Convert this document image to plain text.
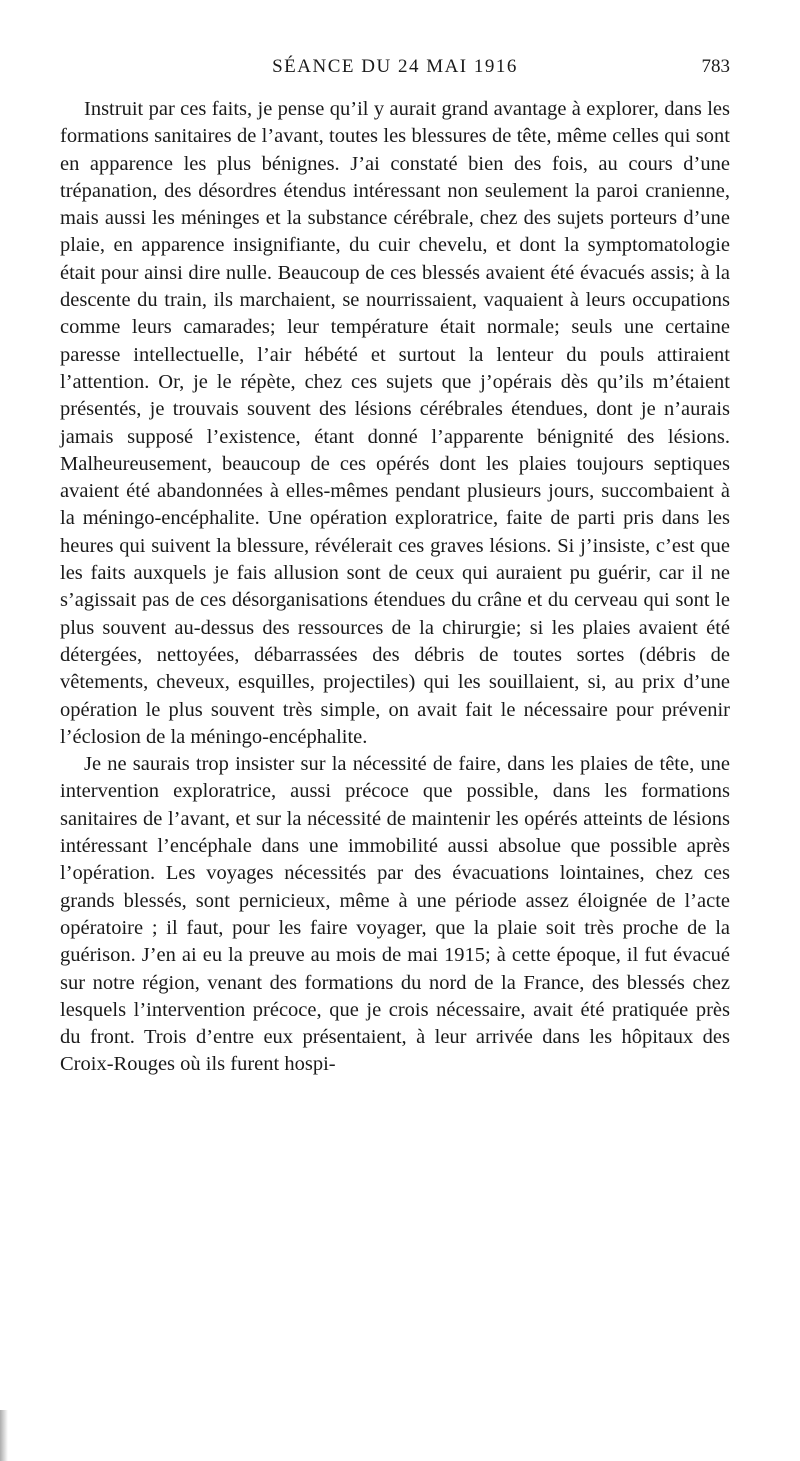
SÉANCE DU 24 MAI 1916	783

Instruit par ces faits, je pense qu’il y aurait grand avantage à explorer, dans les formations sanitaires de l’avant, toutes les blessures de tête, même celles qui sont en apparence les plus bénignes. J’ai constaté bien des fois, au cours d’une trépanation, des désordres étendus intéressant non seulement la paroi cranienne, mais aussi les méninges et la substance cérébrale, chez des sujets porteurs d’une plaie, en apparence insignifiante, du cuir chevelu, et dont la symptomatologie était pour ainsi dire nulle. Beaucoup de ces blessés avaient été évacués assis; à la descente du train, ils marchaient, se nourrissaient, vaquaient à leurs occupations comme leurs camarades; leur température était normale; seuls une certaine paresse intellectuelle, l’air hébété et surtout la lenteur du pouls attiraient l’attention. Or, je le répète, chez ces sujets que j’opérais dès qu’ils m’étaient présentés, je trouvais souvent des lésions cérébrales étendues, dont je n’aurais jamais supposé l’existence, étant donné l’apparente bénignité des lésions. Malheureusement, beaucoup de ces opérés dont les plaies toujours septiques avaient été abandonnées à elles-mêmes pendant plusieurs jours, succombaient à la méningo-encéphalite. Une opération exploratrice, faite de parti pris dans les heures qui suivent la blessure, révélerait ces graves lésions. Si j’insiste, c’est que les faits auxquels je fais allusion sont de ceux qui auraient pu guérir, car il ne s’agissait pas de ces désorganisations étendues du crâne et du cerveau qui sont le plus souvent au-dessus des ressources de la chirurgie; si les plaies avaient été détergées, nettoyées, débarrassées des débris de toutes sortes (débris de vêtements, cheveux, esquilles, projectiles) qui les souillaient, si, au prix d’une opération le plus souvent très simple, on avait fait le nécessaire pour prévenir l’éclosion de la méningo-encéphalite.

Je ne saurais trop insister sur la nécessité de faire, dans les plaies de tête, une intervention exploratrice, aussi précoce que possible, dans les formations sanitaires de l’avant, et sur la nécessité de maintenir les opérés atteints de lésions intéressant l’encéphale dans une immobilité aussi absolue que possible après l’opération. Les voyages nécessités par des évacuations lointaines, chez ces grands blessés, sont pernicieux, même à une période assez éloignée de l’acte opératoire ; il faut, pour les faire voyager, que la plaie soit très proche de la guérison. J’en ai eu la preuve au mois de mai 1915; à cette époque, il fut évacué sur notre région, venant des formations du nord de la France, des blessés chez lesquels l’intervention précoce, que je crois nécessaire, avait été pratiquée près du front. Trois d’entre eux présentaient, à leur arrivée dans les hôpitaux des Croix-Rouges où ils furent hospi-
